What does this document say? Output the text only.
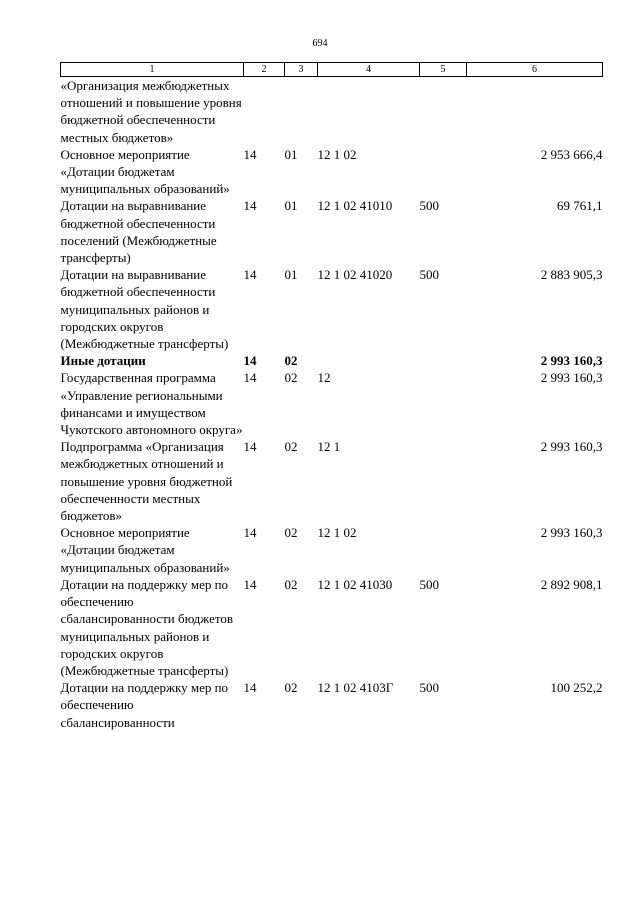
694
1	2	3	4	5	6
«Организация межбюджетных отношений и повышение уровня бюджетной обеспеченности местных бюджетов»					
Основное мероприятие «Дотации бюджетам муниципальных образований»	14	01	12 1 02		2 953 666,4
Дотации на выравнивание бюджетной обеспеченности поселений (Межбюджетные трансферты)	14	01	12 1 02 41010	500	69 761,1
Дотации на выравнивание бюджетной обеспеченности муниципальных районов и городских округов (Межбюджетные трансферты)	14	01	12 1 02 41020	500	2 883 905,3
Иные дотации	14	02			2 993 160,3
Государственная программа «Управление региональными финансами и имуществом Чукотского автономного округа»	14	02	12		2 993 160,3
Подпрограмма «Организация межбюджетных отношений и повышение уровня бюджетной обеспеченности местных бюджетов»	14	02	12 1		2 993 160,3
Основное мероприятие «Дотации бюджетам муниципальных образований»	14	02	12 1 02		2 993 160,3
Дотации на поддержку мер по обеспечению сбалансированности бюджетов муниципальных районов и городских округов (Межбюджетные трансферты)	14	02	12 1 02 41030	500	2 892 908,1
Дотации на поддержку мер по обеспечению сбалансированности	14	02	12 1 02 4103Г	500	100 252,2
